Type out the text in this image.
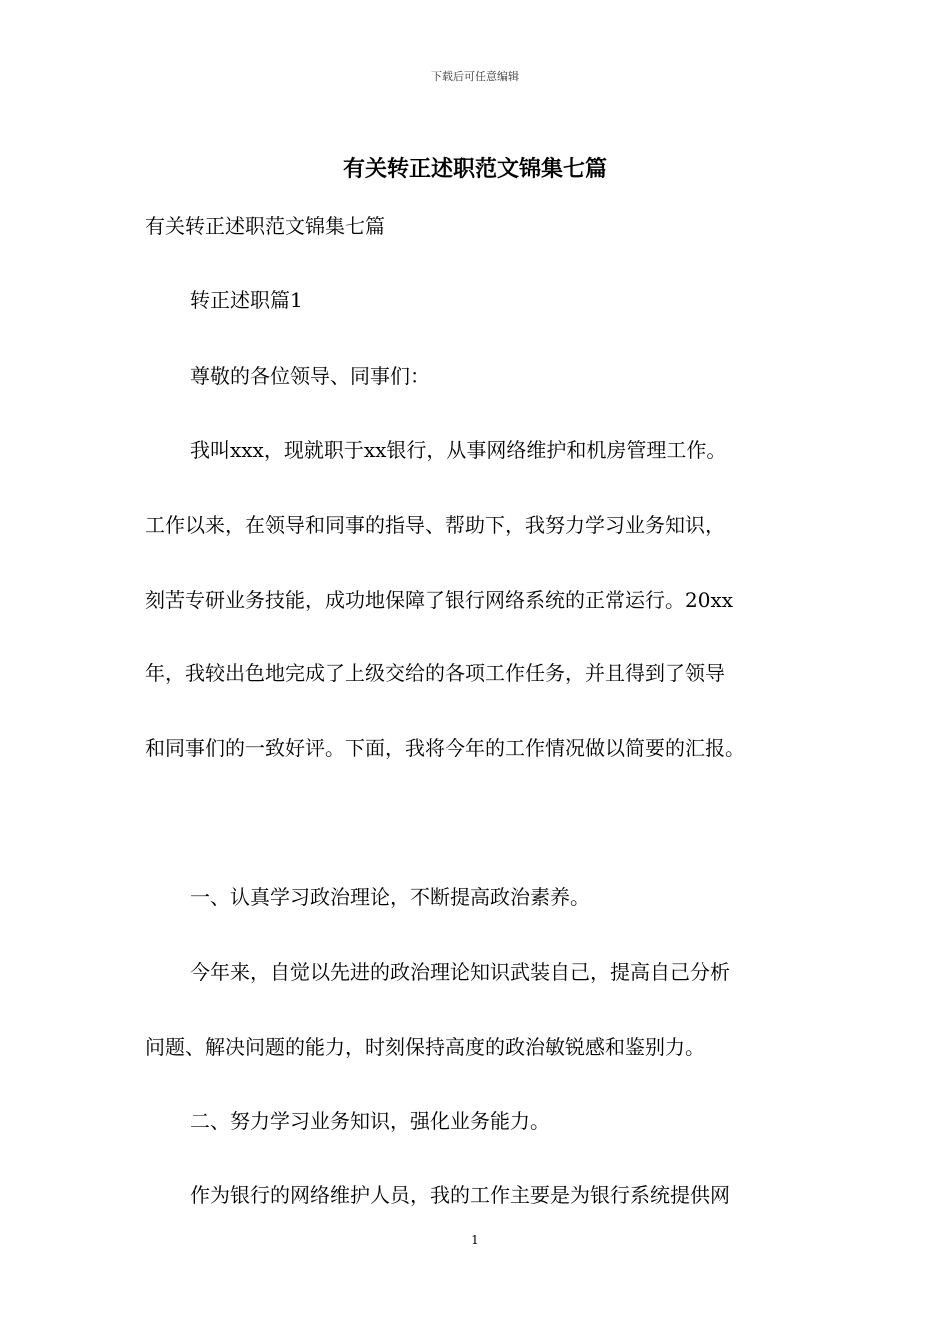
下载后可任意编辑
有关转正述职范文锦集七篇
有关转正述职范文锦集七篇
转正述职篇1
尊敬的各位领导、同事们：
我叫xxx，现就职于xx银行，从事网络维护和机房管理工作。
工作以来，在领导和同事的指导、帮助下，我努力学习业务知识，
刻苦专研业务技能，成功地保障了银行网络系统的正常运行。20xx
年，我较出色地完成了上级交给的各项工作任务，并且得到了领导
和同事们的一致好评。下面，我将今年的工作情况做以简要的汇报。
一、认真学习政治理论，不断提高政治素养。
今年来，自觉以先进的政治理论知识武装自己，提高自己分析
问题、解决问题的能力，时刻保持高度的政治敏锐感和鉴别力。
二、努力学习业务知识，强化业务能力。
作为银行的网络维护人员，我的工作主要是为银行系统提供网
1
